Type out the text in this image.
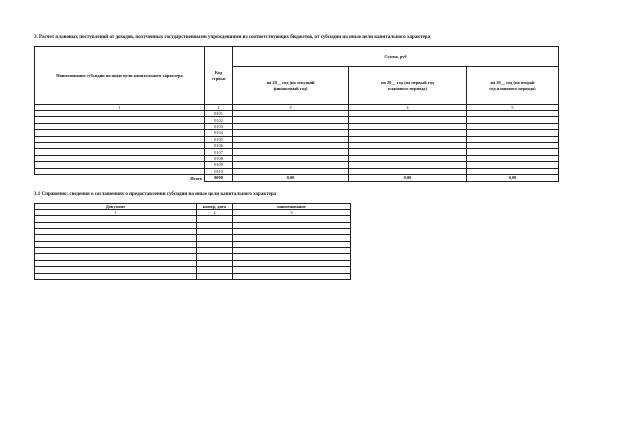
3. Расчет плановых поступлений от доходов, полученных государственными учреждениями из соответствующих бюджетов, от субсидии на иные цели капитального характера
Наименование субсидии на иные цели капитального характера	Код строки	Сумма, руб		
		на 20__ год (на текущий финансовый год)	на 20__ год (на первый год планового периода)	на 20__ год (на второй год планового периода)
1	2	3	4	5
	0101			
	0102			
	0103			
	0104			
	0105			
	0106			
	0107			
	0108			
	0109			
	0110			
Итого	9000	0,00	0,00	0,00
3.1 Справочно: сведения о соглашениях о предоставлении субсидии на иные цели капитального характера
Документ	номер, дата	наименование
1	2	3
